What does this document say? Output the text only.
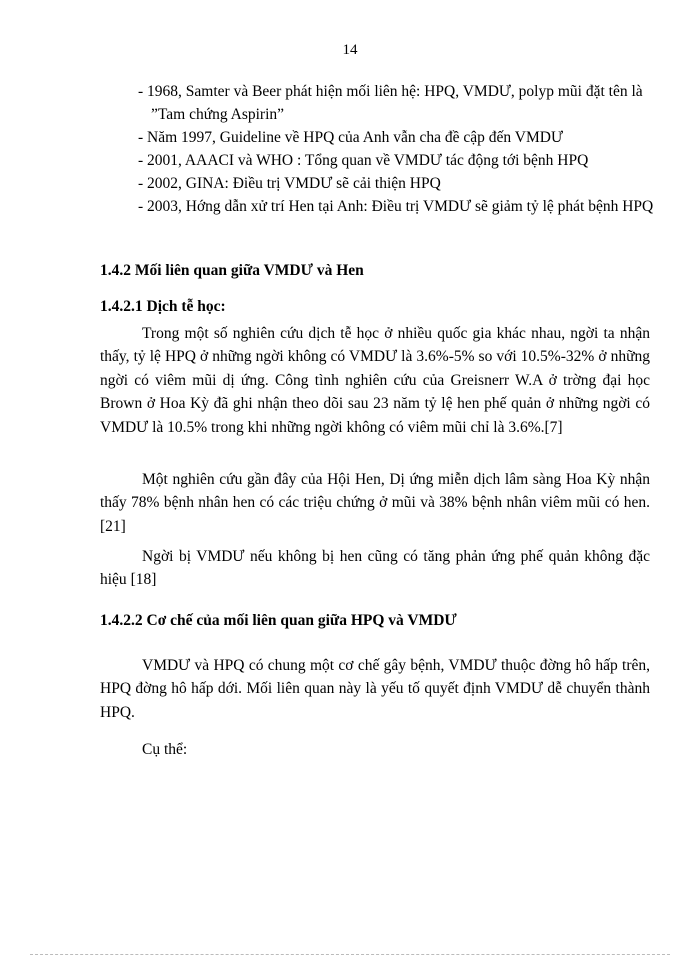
14
- 1968, Samter và Beer phát hiện mối liên hệ: HPQ, VMDƯ, polyp mũi đặt tên là ”Tam chứng Aspirin”
- Năm 1997, Guideline về HPQ của Anh vẫn cha đề cập đến VMDƯ
- 2001, AAACI và WHO : Tổng quan về VMDƯ tác động tới bệnh HPQ
- 2002, GINA: Điều trị VMDƯ sẽ cải thiện HPQ
- 2003, Hớng dẫn xử trí Hen tại Anh: Điều trị VMDƯ sẽ giảm tỷ lệ phát bệnh HPQ
1.4.2 Mối liên quan giữa VMDƯ và Hen
1.4.2.1 Dịch tễ học:

Trong một số nghiên cứu dịch tễ học ở nhiều quốc gia khác nhau, ngời ta nhận thấy, tỷ lệ HPQ ở những ngời không có VMDƯ là 3.6%-5% so với 10.5%-32% ở những ngời có viêm mũi dị ứng. Công tình nghiên cứu của Greisnerr W.A ở trờng đại học Brown ở Hoa Kỳ đã ghi nhận theo dõi sau 23 năm tỷ lệ hen phế quản ở những ngời có VMDƯ là 10.5% trong khi những ngời không có viêm mũi chỉ là 3.6%.[7]

Một nghiên cứu gần đây của Hội Hen, Dị ứng miễn dịch lâm sàng Hoa Kỳ nhận thấy 78% bệnh nhân hen có các triệu chứng ở mũi và 38% bệnh nhân viêm mũi có hen. [21]

Ngời bị VMDƯ nếu không bị hen cũng có tăng phản ứng phế quản không đặc hiệu [18]

1.4.2.2 Cơ chế của mối liên quan giữa HPQ và VMDƯ

VMDƯ và HPQ có chung một cơ chế gây bệnh, VMDƯ thuộc đờng hô hấp trên, HPQ đờng hô hấp dới. Mối liên quan này là yếu tố quyết định VMDƯ dễ chuyển thành HPQ.

Cụ thể:
